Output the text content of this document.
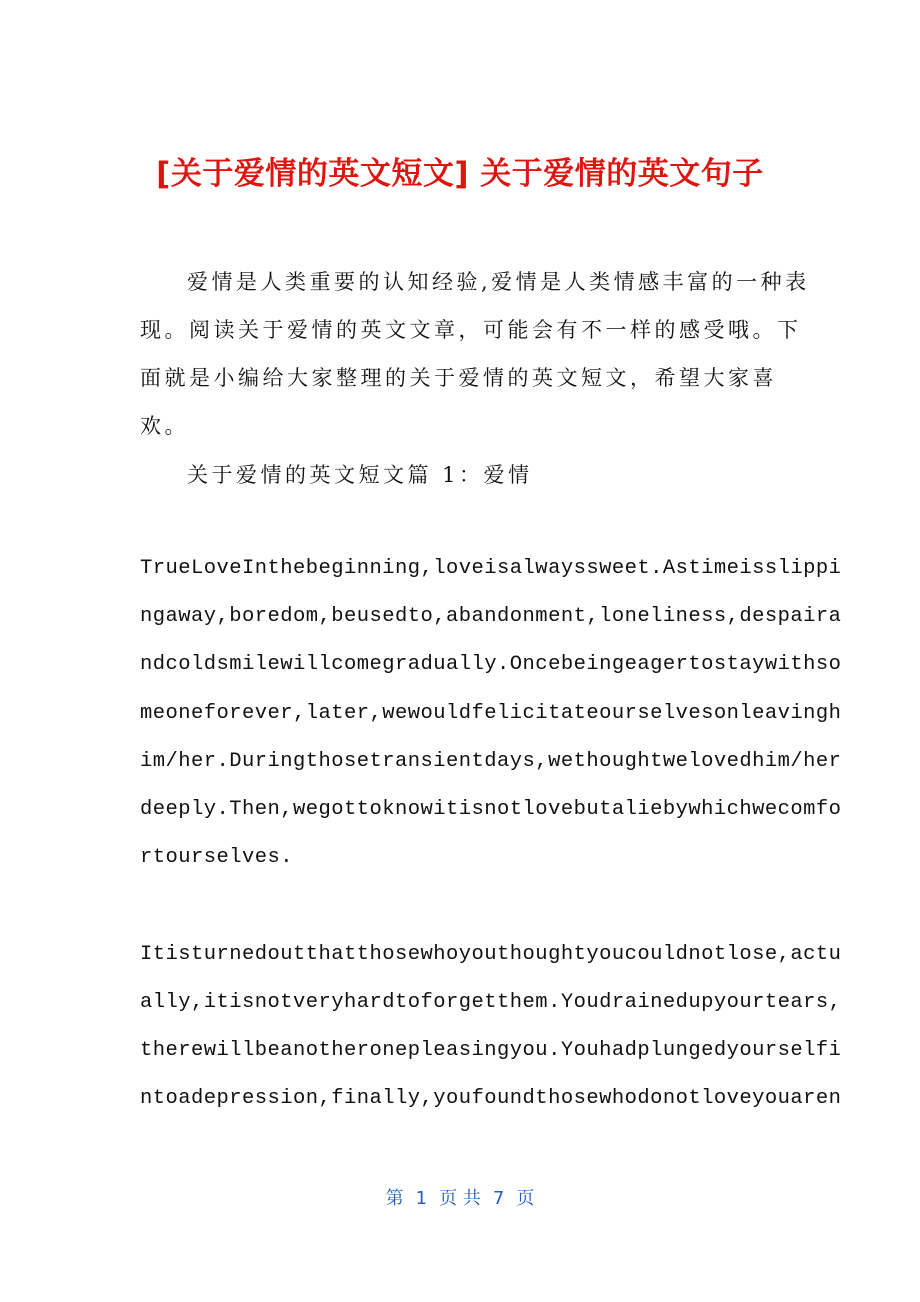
[关于爱情的英文短文] 关于爱情的英文句子
爱情是人类重要的认知经验,爱情是人类情感丰富的一种表
现。阅读关于爱情的英文文章，可能会有不一样的感受哦。下
面就是小编给大家整理的关于爱情的英文短文，希望大家喜
欢。
关于爱情的英文短文篇 1：爱情
TrueLoveInthebeginning,loveisalwayssweet.Astimeisslippi
ngaway,boredom,beusedto,abandonment,loneliness,despaira
ndcoldsmilewillcomegradually.Oncebeingeagertostaywithso
meoneforever,later,wewouldfelicitateourselvesonleavingh
im/her.Duringthosetransientdays,wethoughtwelovedhim/her
deeply.Then,wegottoknowitisnotlovebutaliebywhichwecomfo
rtourselves.
Itisturnedoutthatthosewhoyouthoughtyoucouldnotlose,actu
ally,itisnotveryhardtoforgetthem.Youdrainedupyourtears,
therewillbeanotheronepleasingyou.Youhadplungedyourselfi
ntoadepression,finally,youfoundthosewhodonotloveyouaren
第 1 页 共 7 页
